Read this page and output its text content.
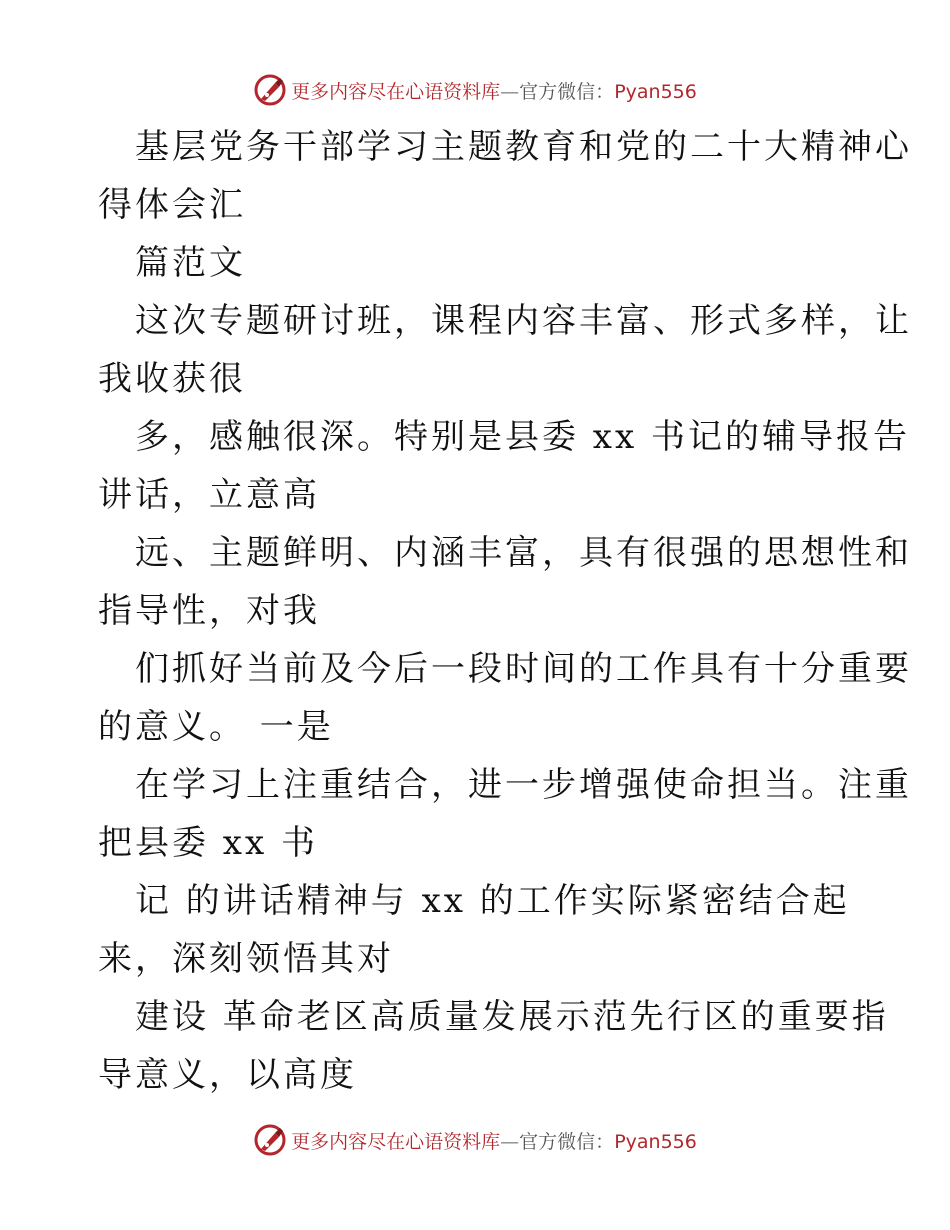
更多内容尽在心语资料库—官方微信：Pyan556
基层党务干部学习主题教育和党的二十大精神心
得体会汇
篇范文
这次专题研讨班，课程内容丰富、形式多样，让
我收获很
多，感触很深。特别是县委 xx 书记的辅导报告
讲话，立意高
远、主题鲜明、内涵丰富，具有很强的思想性和
指导性，对我
们抓好当前及今后一段时间的工作具有十分重要
的意义。 一是
在学习上注重结合，进一步增强使命担当。注重
把县委 xx 书
记 的讲话精神与 xx 的工作实际紧密结合起
来，深刻领悟其对
建设 革命老区高质量发展示范先行区的重要指
导意义，以高度
更多内容尽在心语资料库—官方微信：Pyan556
